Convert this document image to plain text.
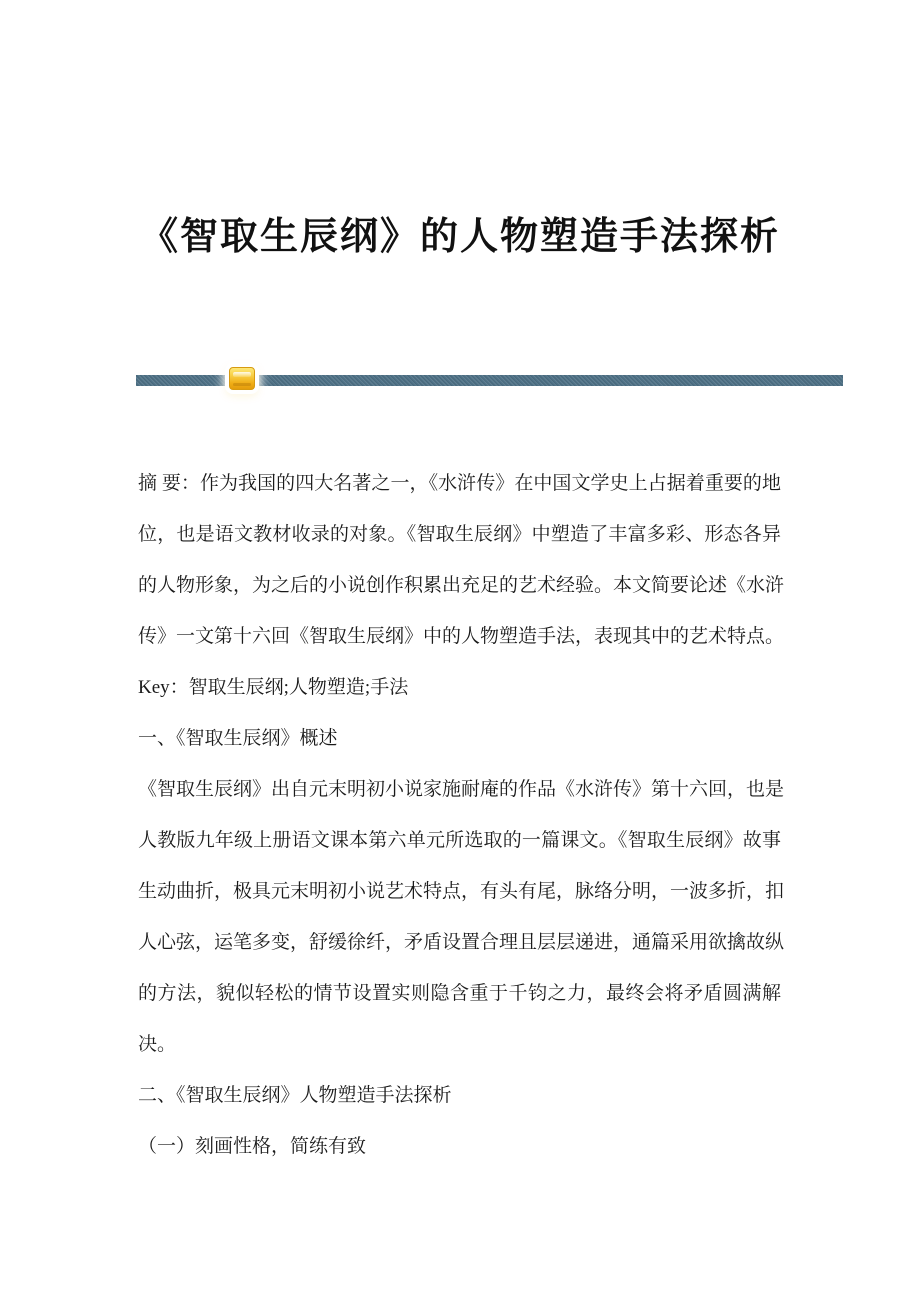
《智取生辰纲》的人物塑造手法探析
摘 要：作为我国的四大名著之一，《水浒传》在中国文学史上占据着重要的地
位，也是语文教材收录的对象。《智取生辰纲》中塑造了丰富多彩、形态各异
的人物形象，为之后的小说创作积累出充足的艺术经验。本文简要论述《水浒
传》一文第十六回《智取生辰纲》中的人物塑造手法，表现其中的艺术特点。
Key：智取生辰纲;人物塑造;手法
一、《智取生辰纲》概述
《智取生辰纲》出自元末明初小说家施耐庵的作品《水浒传》第十六回，也是
人教版九年级上册语文课本第六单元所选取的一篇课文。《智取生辰纲》故事
生动曲折，极具元末明初小说艺术特点，有头有尾，脉络分明，一波多折，扣
人心弦，运笔多变，舒缓徐纤，矛盾设置合理且层层递进，通篇采用欲擒故纵
的方法，貌似轻松的情节设置实则隐含重于千钧之力，最终会将矛盾圆满解
决。
二、《智取生辰纲》人物塑造手法探析
（一）刻画性格，简练有致
